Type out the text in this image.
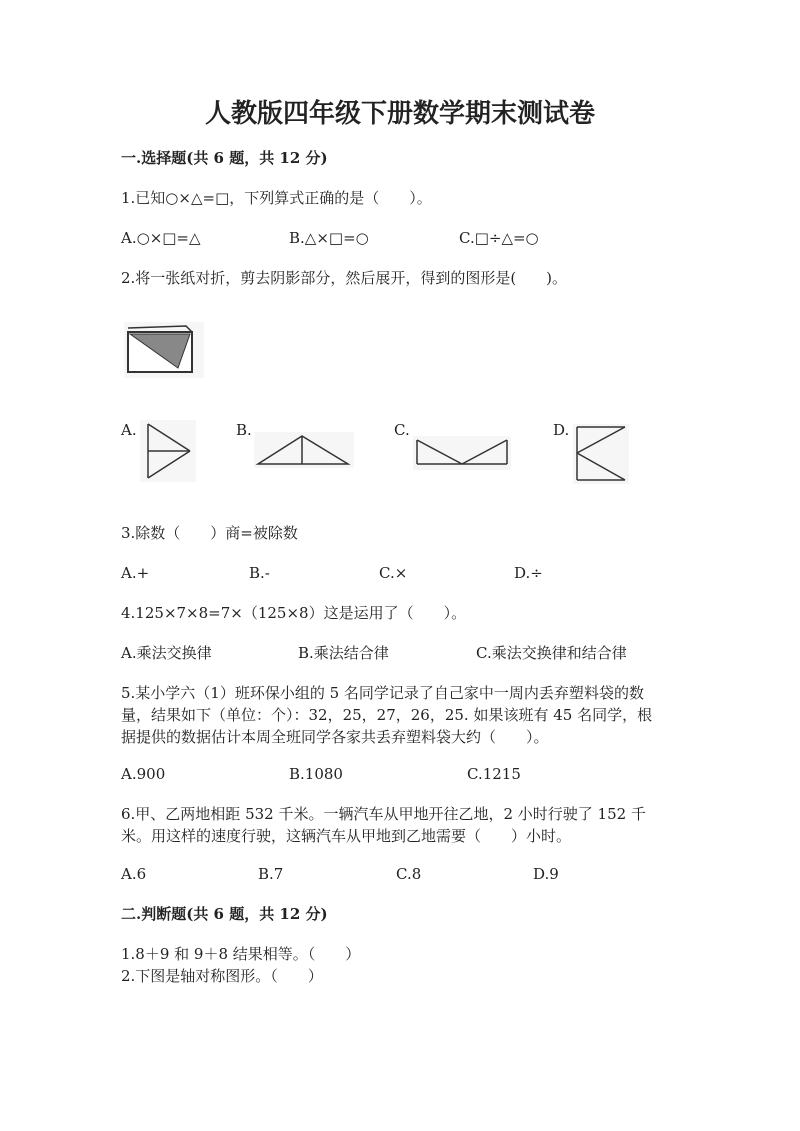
人教版四年级下册数学期末测试卷
一.选择题(共 6 题，共 12 分)
1.已知○×△=□，下列算式正确的是（　　）。
A.○×□=△	B.△×□=○	C.□÷△=○
2.将一张纸对折，剪去阴影部分，然后展开，得到的图形是(　　)。
A.	B.	C.	D.
3.除数（　　）商=被除数
A.+	B.-	C.×	D.÷
4.125×7×8=7×（125×8）这是运用了（　　）。
A.乘法交换律	B.乘法结合律	C.乘法交换律和结合律
5.某小学六（1）班环保小组的 5 名同学记录了自己家中一周内丢弃塑料袋的数
量，结果如下（单位：个）：32，25，27，26，25. 如果该班有 45 名同学，根
据提供的数据估计本周全班同学各家共丢弃塑料袋大约（　　）。
A.900	B.1080	C.1215
6.甲、乙两地相距 532 千米。一辆汽车从甲地开往乙地，2 小时行驶了 152 千
米。用这样的速度行驶，这辆汽车从甲地到乙地需要（　　）小时。
A.6	B.7	C.8	D.9
二.判断题(共 6 题，共 12 分)
1.8＋9 和 9＋8 结果相等。（　　）
2.下图是轴对称图形。（　　）
